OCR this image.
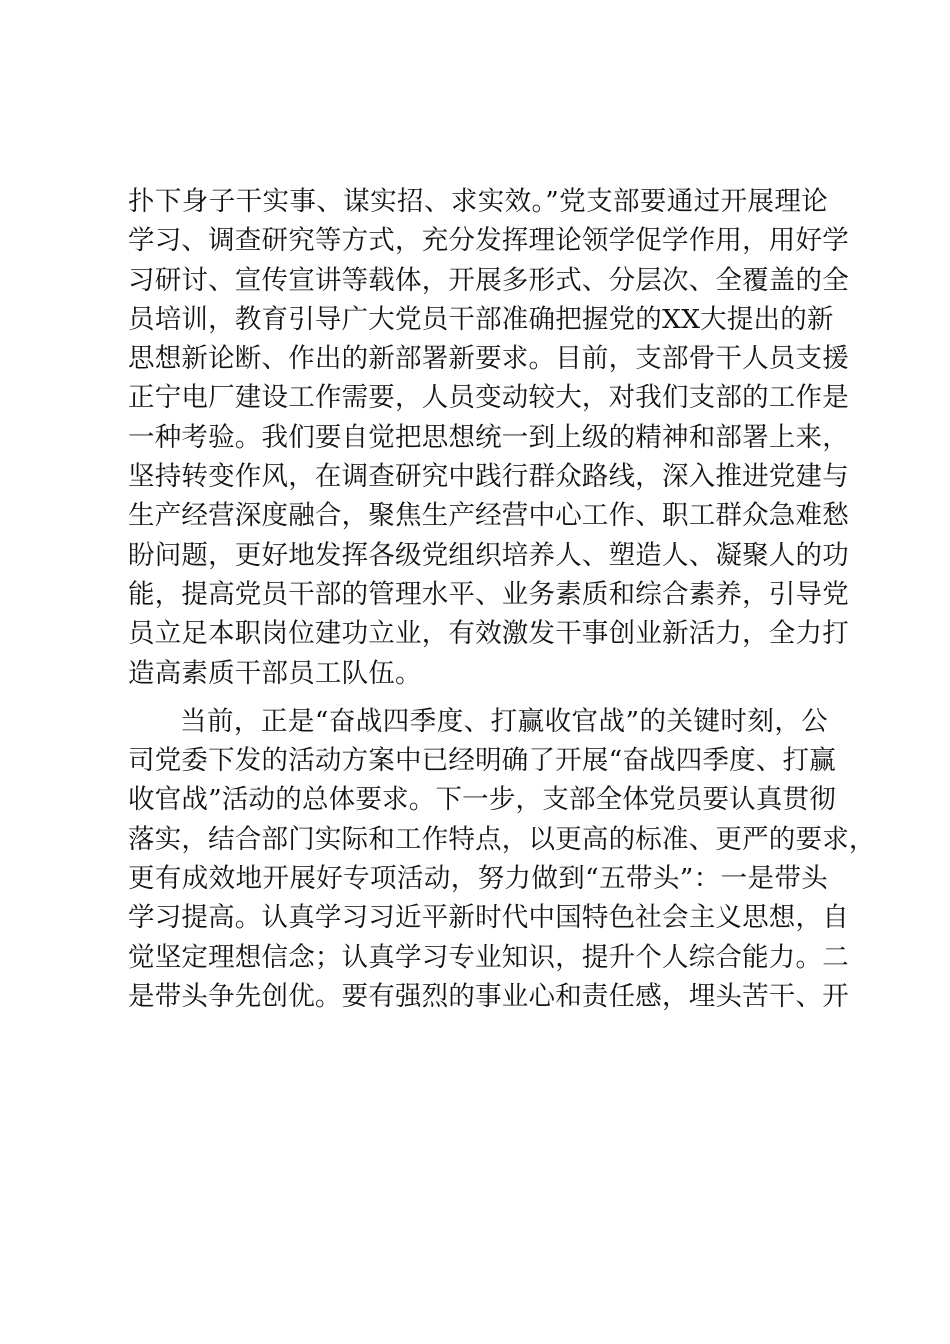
扑下身子干实事、谋实招、求实效。”党支部要通过开展理论
学习、调查研究等方式，充分发挥理论领学促学作用，用好学
习研讨、宣传宣讲等载体，开展多形式、分层次、全覆盖的全
员培训，教育引导广大党员干部准确把握党的XX大提出的新
思想新论断、作出的新部署新要求。目前，支部骨干人员支援
正宁电厂建设工作需要，人员变动较大，对我们支部的工作是
一种考验。我们要自觉把思想统一到上级的精神和部署上来，
坚持转变作风，在调查研究中践行群众路线，深入推进党建与
生产经营深度融合，聚焦生产经营中心工作、职工群众急难愁
盼问题，更好地发挥各级党组织培养人、塑造人、凝聚人的功
能，提高党员干部的管理水平、业务素质和综合素养，引导党
员立足本职岗位建功立业，有效激发干事创业新活力，全力打
造高素质干部员工队伍。
当前，正是“奋战四季度、打赢收官战”的关键时刻，公
司党委下发的活动方案中已经明确了开展“奋战四季度、打赢
收官战”活动的总体要求。下一步，支部全体党员要认真贯彻
落实，结合部门实际和工作特点，以更高的标准、更严的要求，
更有成效地开展好专项活动，努力做到“五带头”：一是带头
学习提高。认真学习习近平新时代中国特色社会主义思想，自
觉坚定理想信念；认真学习专业知识，提升个人综合能力。二
是带头争先创优。要有强烈的事业心和责任感，埋头苦干、开
